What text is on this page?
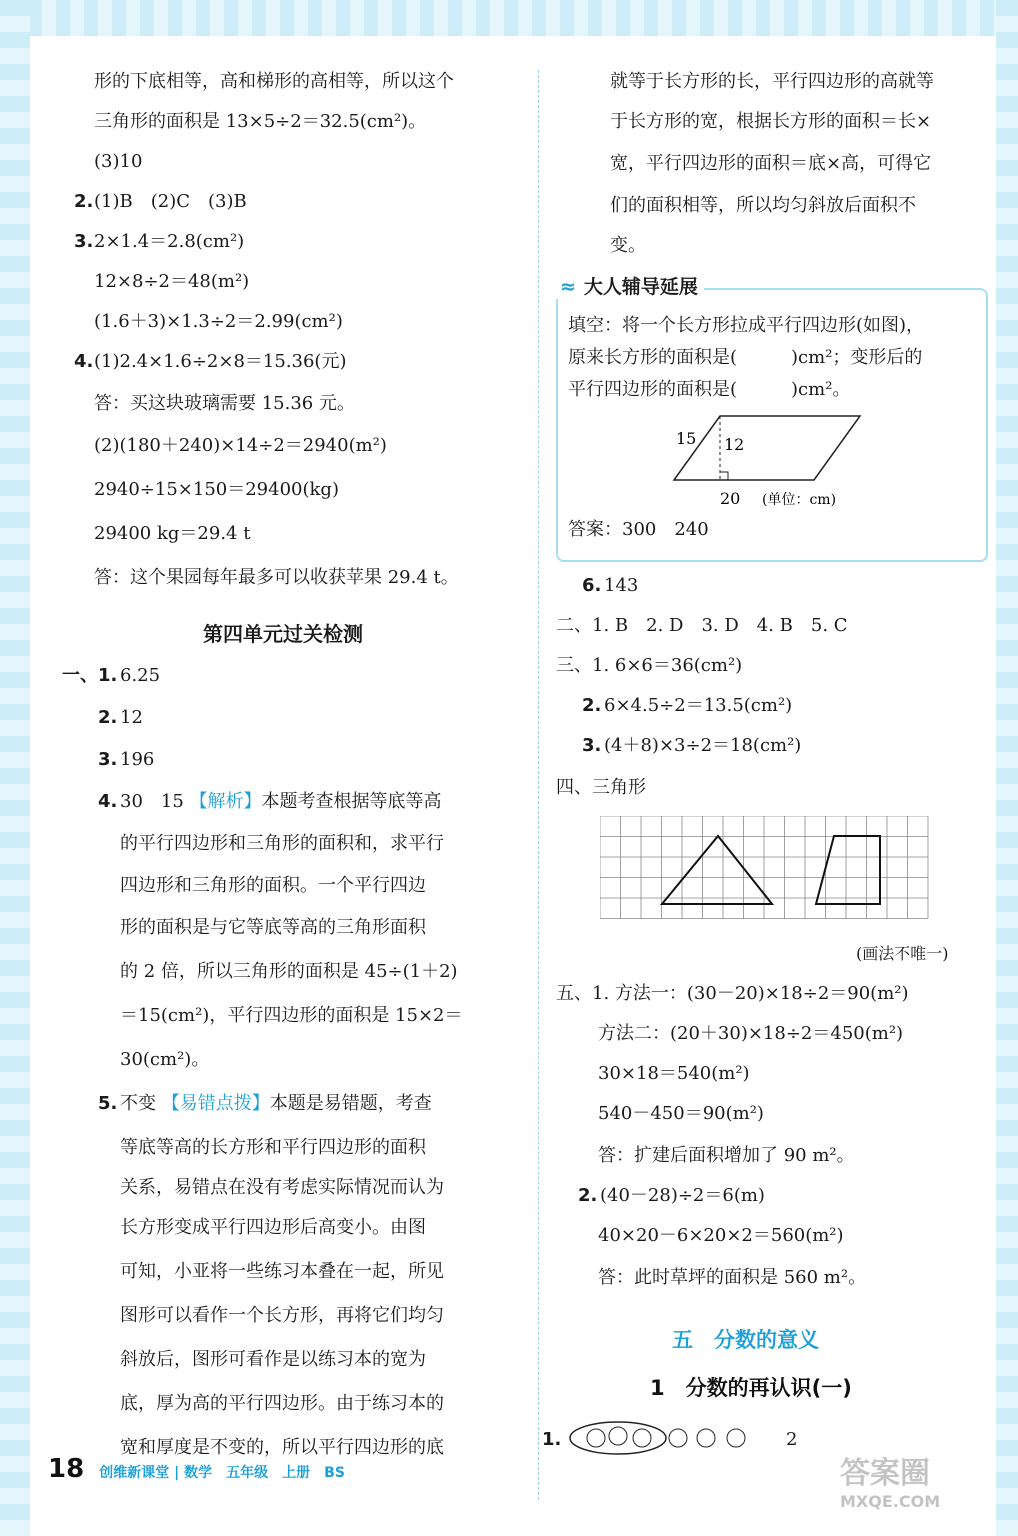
形的下底相等，高和梯形的高相等，所以这个
三角形的面积是 13×5÷2＝32.5(cm²)。
(3)10
2. (1)B　(2)C　(3)B
3. 2×1.4＝2.8(cm²)
12×8÷2＝48(m²)
(1.6＋3)×1.3÷2＝2.99(cm²)
4. (1)2.4×1.6÷2×8＝15.36(元)
答：买这块玻璃需要 15.36 元。
(2)(180＋240)×14÷2＝2940(m²)
2940÷15×150＝29400(kg)
29400 kg＝29.4 t
答：这个果园每年最多可以收获苹果 29.4 t。
第四单元过关检测
一、1. 6.25
2. 12
3. 196
4. 30　15 【解析】本题考查根据等底等高
的平行四边形和三角形的面积和，求平行
四边形和三角形的面积。一个平行四边
形的面积是与它等底等高的三角形面积
的 2 倍，所以三角形的面积是 45÷(1＋2)
＝15(cm²)，平行四边形的面积是 15×2＝
30(cm²)。
5. 不变 【易错点拨】本题是易错题，考查
等底等高的长方形和平行四边形的面积
关系，易错点在没有考虑实际情况而认为
长方形变成平行四边形后高变小。由图
可知，小亚将一些练习本叠在一起，所见
图形可以看作一个长方形，再将它们均匀
斜放后，图形可看作是以练习本的宽为
底，厚为高的平行四边形。由于练习本的
宽和厚度是不变的，所以平行四边形的底
就等于长方形的长，平行四边形的高就等
于长方形的宽，根据长方形的面积＝长×
宽，平行四边形的面积＝底×高，可得它
们的面积相等，所以均匀斜放后面积不
变。
≈ 大人辅导延展
填空：将一个长方形拉成平行四边形(如图)，
原来长方形的面积是(　　　)cm²；变形后的
平行四边形的面积是(　　　)cm²。
15 12
20 (单位：cm)
答案：300　240
6. 143
二、1. B　2. D　3. D　4. B　5. C
三、1. 6×6＝36(cm²)
2. 6×4.5÷2＝13.5(cm²)
3. (4＋8)×3÷2＝18(cm²)
四、三角形
(画法不唯一)
五、1. 方法一：(30－20)×18÷2＝90(m²)
方法二：(20＋30)×18÷2＝450(m²)
30×18＝540(m²)
540－450＝90(m²)
答：扩建后面积增加了 90 m²。
2. (40－28)÷2＝6(m)
40×20－6×20×2＝560(m²)
答：此时草坪的面积是 560 m²。
五　分数的意义
1　分数的再认识(一)
1.	2
18 创维新课堂 | 数学　五年级　上册　BS	答案圈
MXQE.COM
